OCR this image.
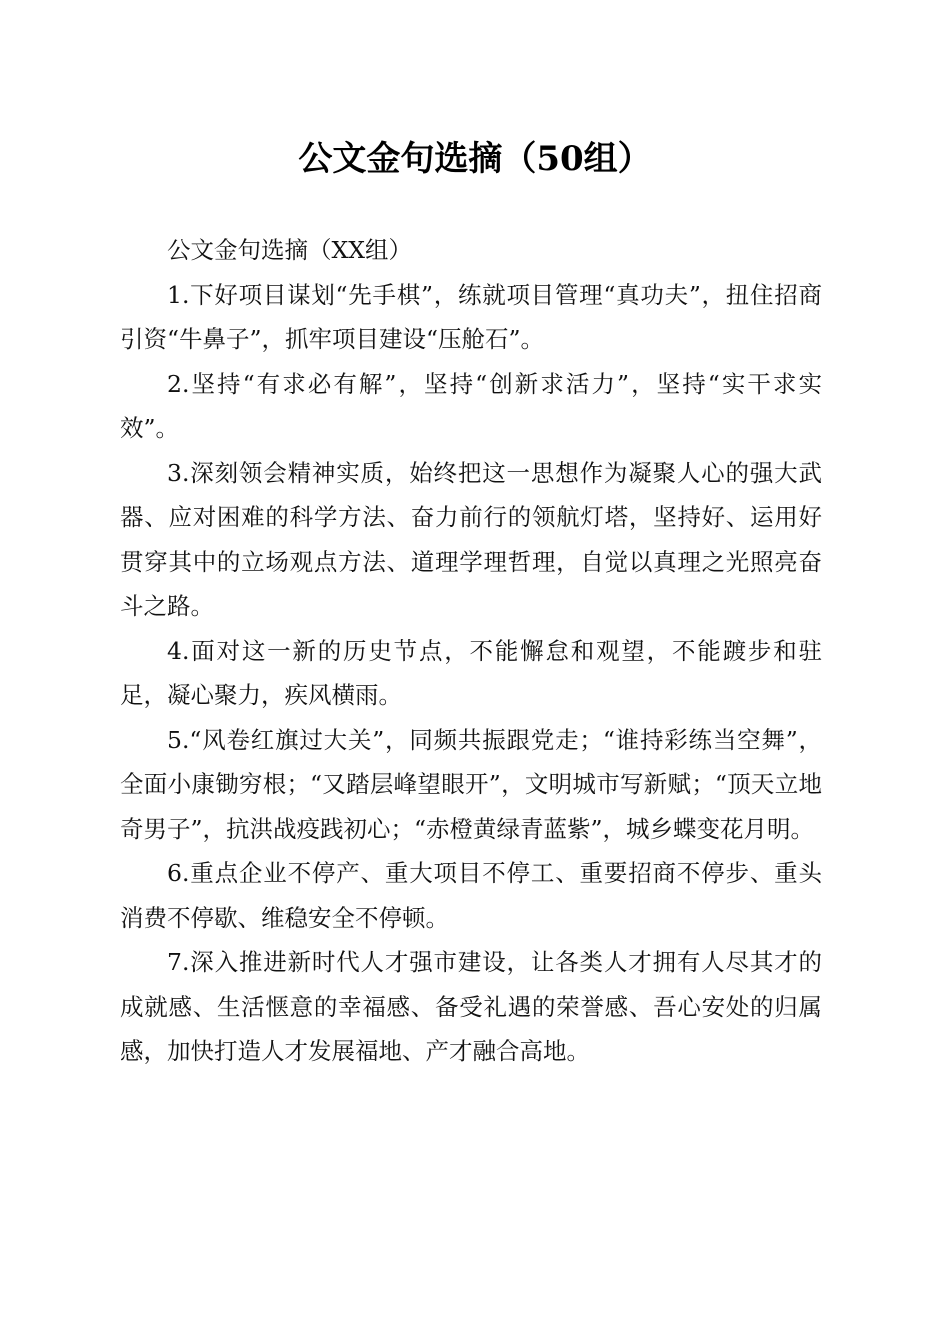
公文金句选摘（50组）

公文金句选摘（XX组）

1.下好项目谋划“先手棋”，练就项目管理“真功夫”，扭住招商引资“牛鼻子”，抓牢项目建设“压舱石”。

2.坚持“有求必有解”，坚持“创新求活力”，坚持“实干求实效”。

3.深刻领会精神实质，始终把这一思想作为凝聚人心的强大武器、应对困难的科学方法、奋力前行的领航灯塔，坚持好、运用好贯穿其中的立场观点方法、道理学理哲理，自觉以真理之光照亮奋斗之路。

4.面对这一新的历史节点，不能懈怠和观望，不能踱步和驻足，凝心聚力，疾风横雨。

5.“风卷红旗过大关”，同频共振跟党走；“谁持彩练当空舞”，全面小康锄穷根；“又踏层峰望眼开”，文明城市写新赋；“顶天立地奇男子”，抗洪战疫践初心；“赤橙黄绿青蓝紫”，城乡蝶变花月明。

6.重点企业不停产、重大项目不停工、重要招商不停步、重头消费不停歇、维稳安全不停顿。

7.深入推进新时代人才强市建设，让各类人才拥有人尽其才的成就感、生活惬意的幸福感、备受礼遇的荣誉感、吾心安处的归属感，加快打造人才发展福地、产才融合高地。
